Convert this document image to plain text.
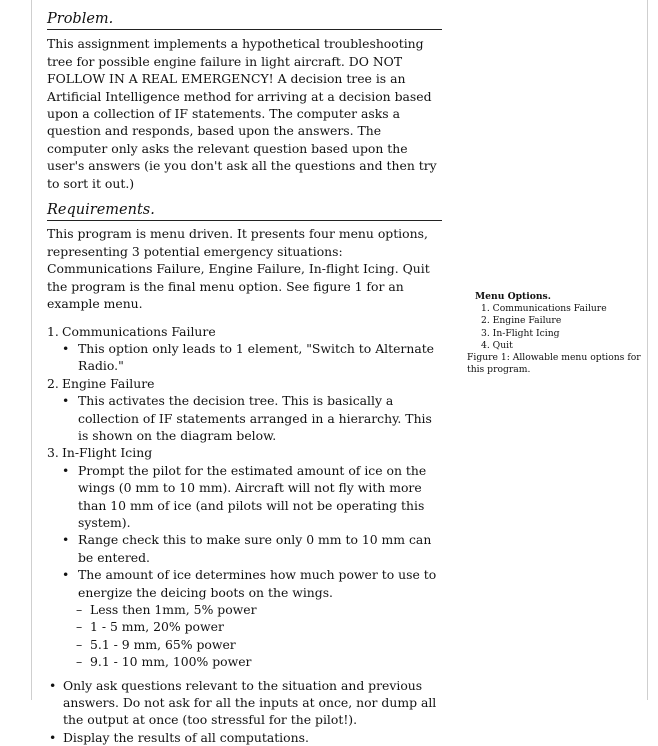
Problem.
This assignment implements a hypothetical troubleshooting tree for possible engine failure in light aircraft. DO NOT FOLLOW IN A REAL EMERGENCY! A decision tree is an Artificial Intelligence method for arriving at a decision based upon a collection of IF statements. The computer asks a question and responds, based upon the answers. The computer only asks the relevant question based upon the user's answers (ie you don't ask all the questions and then try to sort it out.)
Requirements.
This program is menu driven. It presents four menu options, representing 3 potential emergency situations: Communications Failure, Engine Failure, In-flight Icing. Quit the program is the final menu option. See figure 1 for an example menu.
1. Communications Failure
• This option only leads to 1 element, "Switch to Alternate Radio."
2. Engine Failure
• This activates the decision tree. This is basically a collection of IF statements arranged in a hierarchy. This is shown on the diagram below.
3. In-Flight Icing
• Prompt the pilot for the estimated amount of ice on the wings (0 mm to 10 mm). Aircraft will not fly with more than 10 mm of ice (and pilots will not be operating this system).
• Range check this to make sure only 0 mm to 10 mm can be entered.
• The amount of ice determines how much power to use to energize the deicing boots on the wings.
– Less then 1mm, 5% power
– 1 - 5 mm, 20% power
– 5.1 - 9 mm, 65% power
– 9.1 - 10 mm, 100% power
• Only ask questions relevant to the situation and previous answers. Do not ask for all the inputs at once, nor dump all the output at once (too stressful for the pilot!).
• Display the results of all computations.
Menu Options.
1. Communications Failure
2. Engine Failure
3. In-Flight Icing
4. Quit
Figure 1: Allowable menu options for this program.
